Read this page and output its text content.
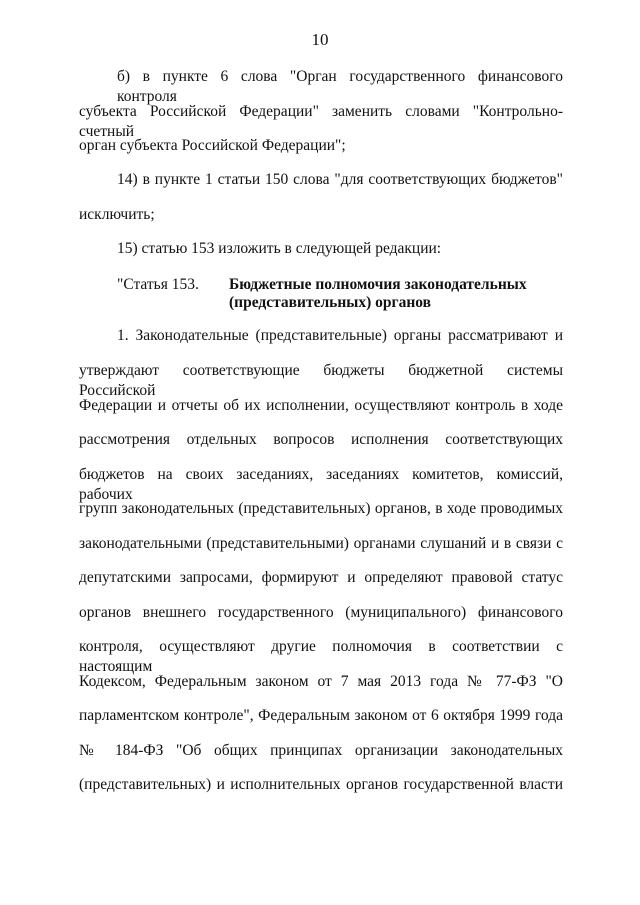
10
б) в пункте 6 слова "Орган государственного финансового контроля
субъекта Российской Федерации" заменить словами "Контрольно-счетный
орган субъекта Российской Федерации";
14) в пункте 1 статьи 150 слова "для соответствующих бюджетов"
исключить;
15) статью 153 изложить в следующей редакции:
"Статья 153. Бюджетные полномочия законодательных
(представительных) органов
1. Законодательные (представительные) органы рассматривают и
утверждают соответствующие бюджеты бюджетной системы Российской
Федерации и отчеты об их исполнении, осуществляют контроль в ходе
рассмотрения отдельных вопросов исполнения соответствующих
бюджетов на своих заседаниях, заседаниях комитетов, комиссий, рабочих
групп законодательных (представительных) органов, в ходе проводимых
законодательными (представительными) органами слушаний и в связи с
депутатскими запросами, формируют и определяют правовой статус
органов внешнего государственного (муниципального) финансового
контроля, осуществляют другие полномочия в соответствии с настоящим
Кодексом, Федеральным законом от 7 мая 2013 года № 77-ФЗ "О
парламентском контроле", Федеральным законом от 6 октября 1999 года
№ 184-ФЗ "Об общих принципах организации законодательных
(представительных) и исполнительных органов государственной власти
